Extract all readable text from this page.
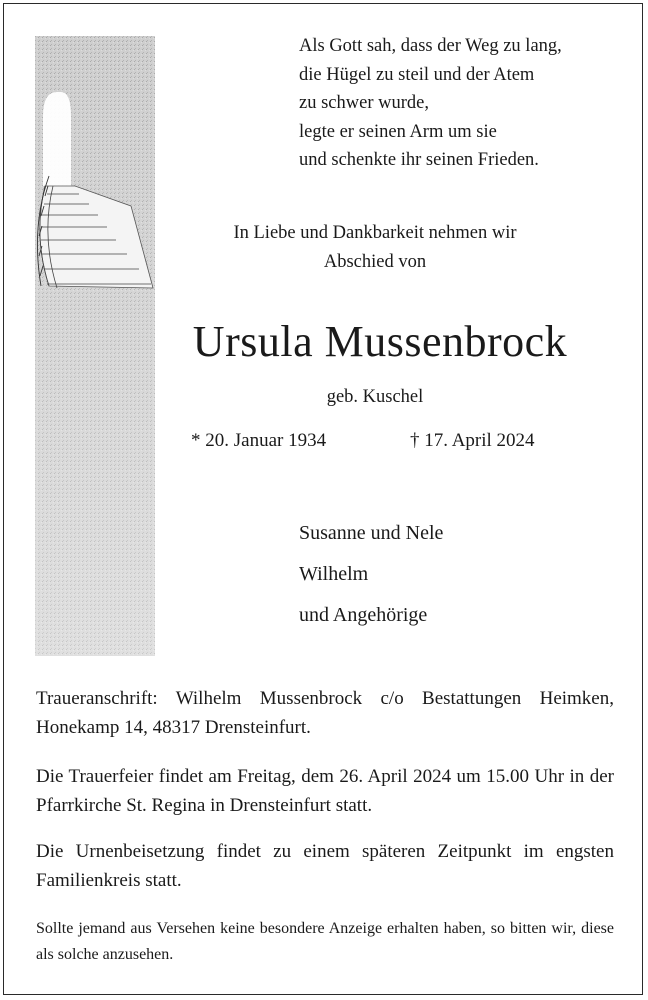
Als Gott sah, dass der Weg zu lang,
die Hügel zu steil und der Atem
zu schwer wurde,
legte er seinen Arm um sie
und schenkte ihr seinen Frieden.
In Liebe und Dankbarkeit nehmen wir
Abschied von
Ursula Mussenbrock
geb. Kuschel
* 20. Januar 1934	† 17. April 2024
Susanne und Nele
Wilhelm
und Angehörige
Traueranschrift: Wilhelm Mussenbrock c/o Bestattungen Heimken, Honekamp 14, 48317 Drensteinfurt.
Die Trauerfeier findet am Freitag, dem 26. April 2024 um 15.00 Uhr in der Pfarrkirche St. Regina in Drensteinfurt statt.
Die Urnenbeisetzung findet zu einem späteren Zeitpunkt im engsten Familienkreis statt.
Sollte jemand aus Versehen keine besondere Anzeige erhalten haben, so bitten wir, diese als solche anzusehen.
